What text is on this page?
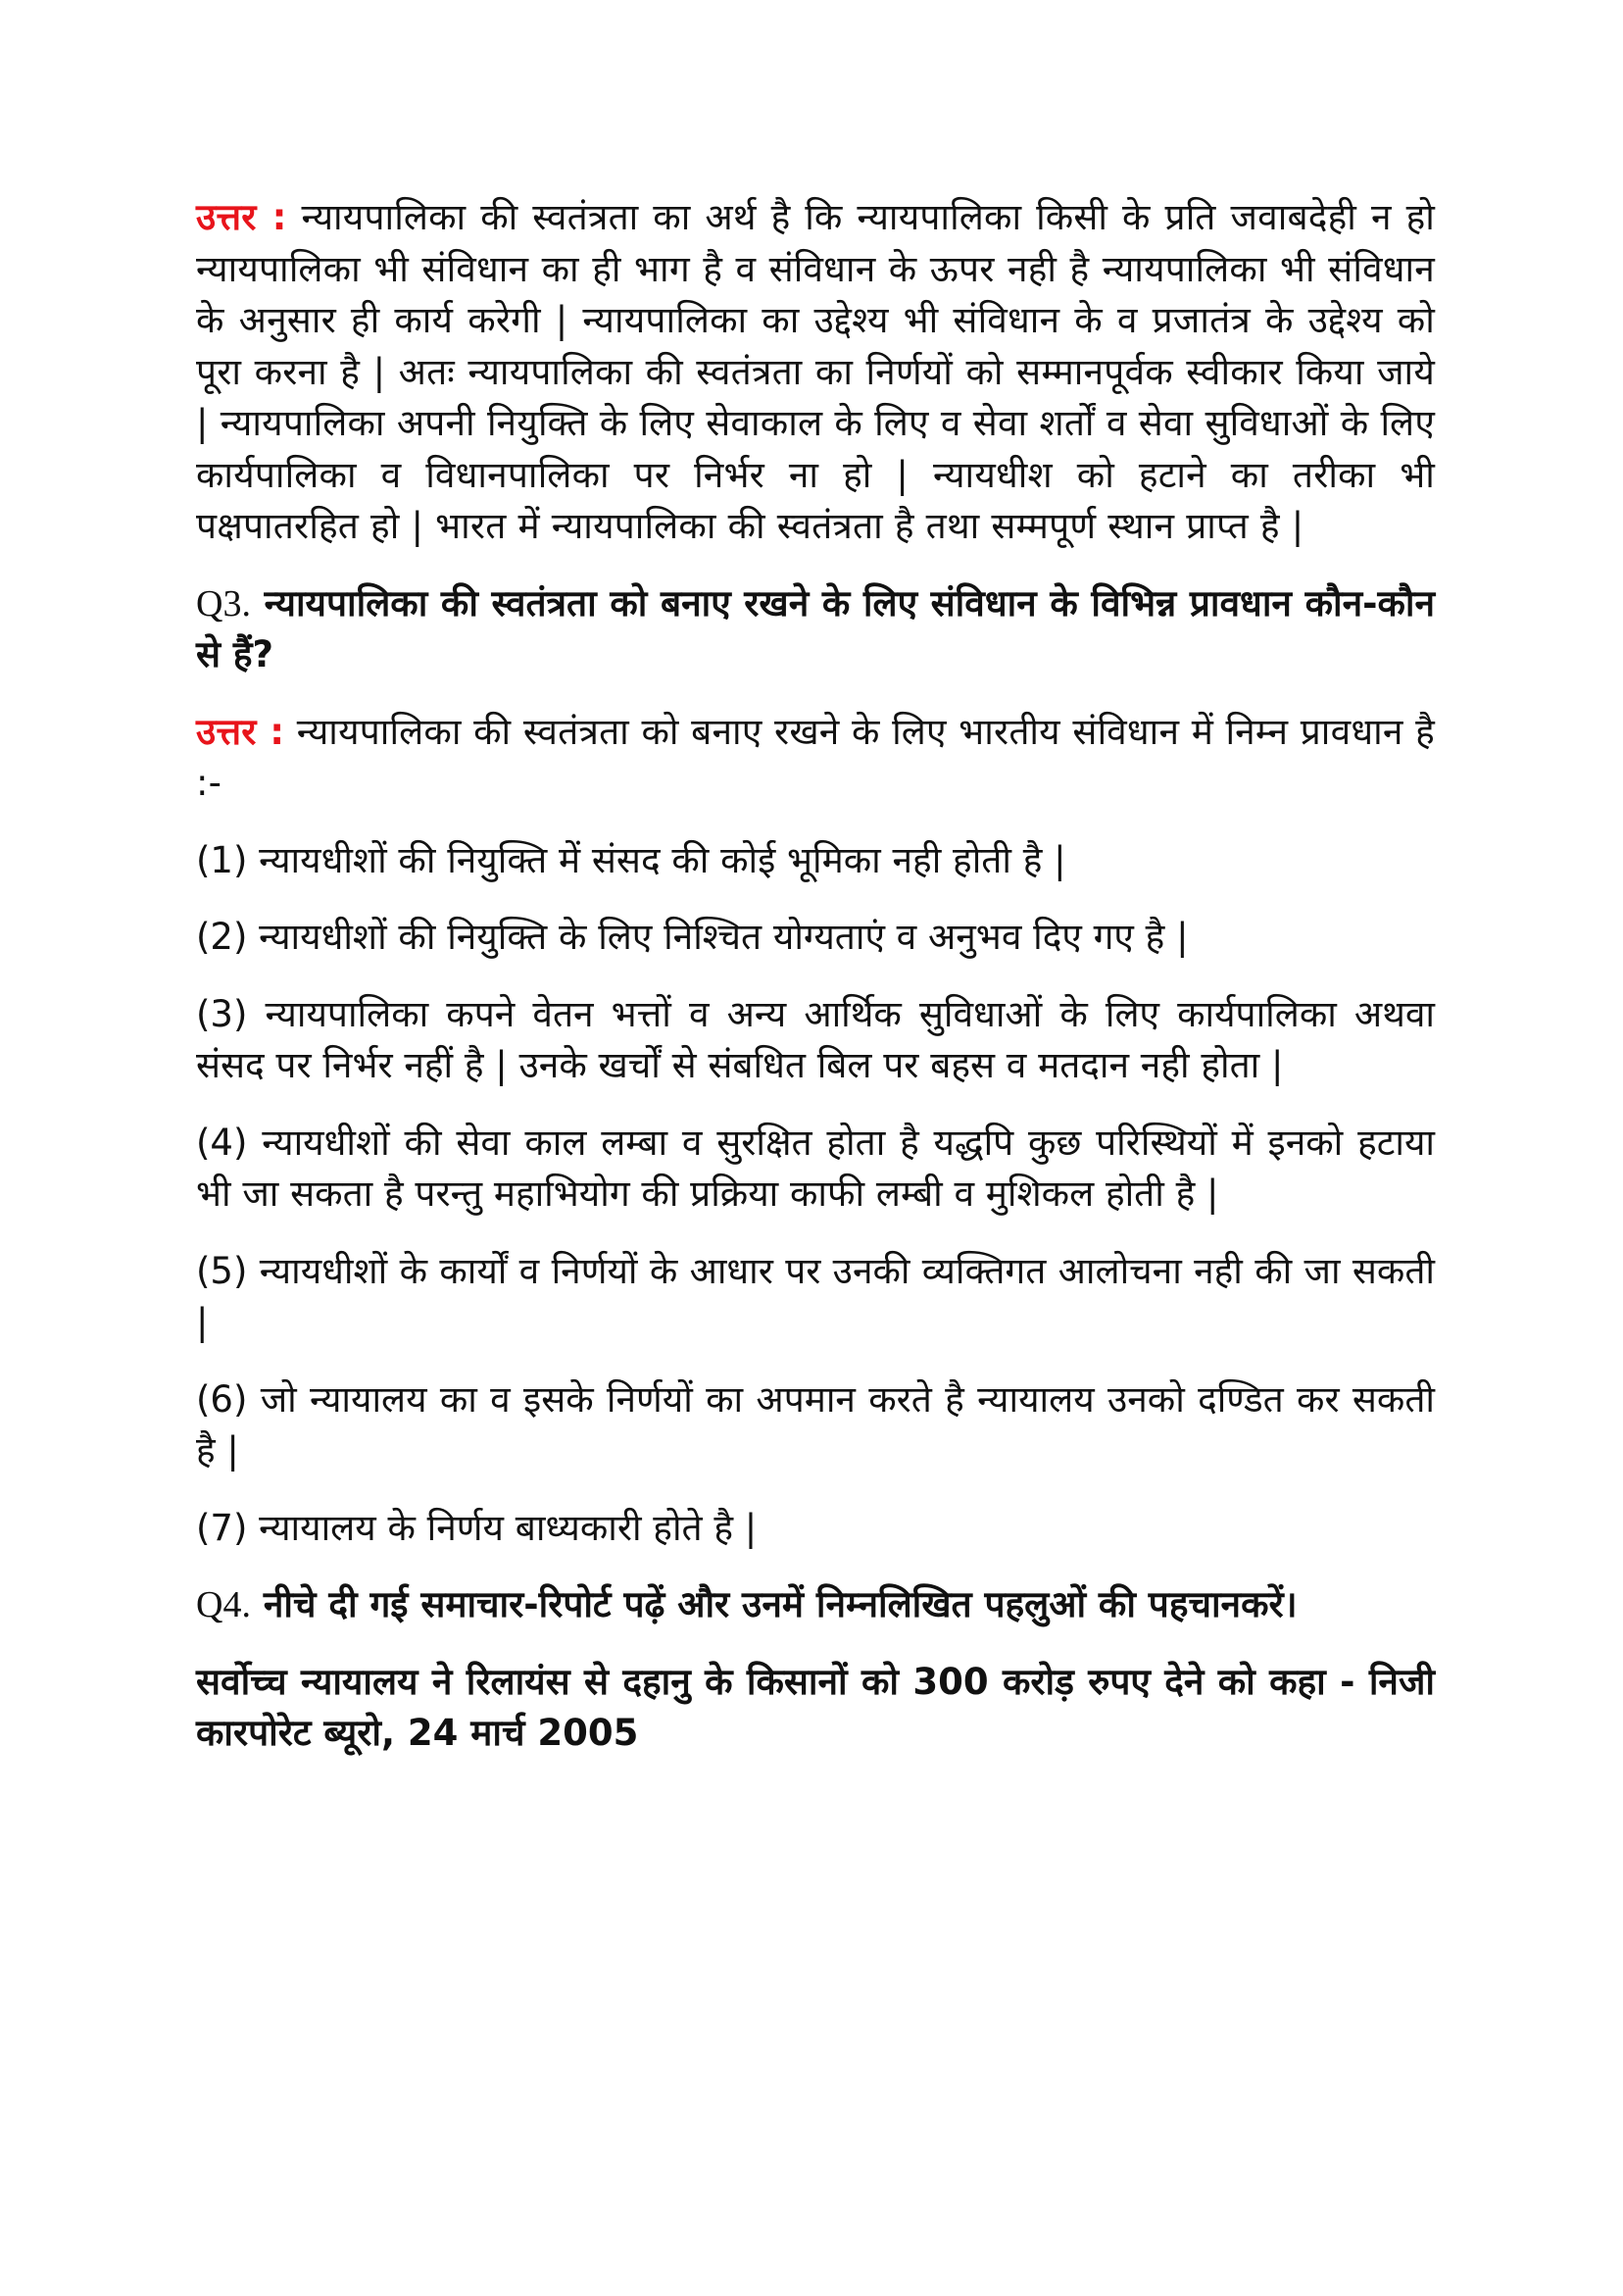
उत्तर : न्यायपालिका की स्वतंत्रता का अर्थ है कि न्यायपालिका किसी के प्रति जवाबदेही न हो न्यायपालिका भी संविधान का ही भाग है व संविधान के ऊपर नही है न्यायपालिका भी संविधान के अनुसार ही कार्य करेगी | न्यायपालिका का उद्देश्य भी संविधान के व प्रजातंत्र के उद्देश्य को पूरा करना है | अतः न्यायपालिका की स्वतंत्रता का निर्णयों को सम्मानपूर्वक स्वीकार किया जाये | न्यायपालिका अपनी नियुक्ति के लिए सेवाकाल के लिए व सेवा शर्तों व सेवा सुविधाओं के लिए कार्यपालिका व विधानपालिका पर निर्भर ना हो | न्यायधीश को हटाने का तरीका भी पक्षपातरहित हो | भारत में न्यायपालिका की स्वतंत्रता है तथा सम्मपूर्ण स्थान प्राप्त है |

Q3. न्यायपालिका की स्वतंत्रता को बनाए रखने के लिए संविधान के विभिन्न प्रावधान कौन-कौन से हैं?

उत्तर : न्यायपालिका की स्वतंत्रता को बनाए रखने के लिए भारतीय संविधान में निम्न प्रावधान है :-

(1) न्यायधीशों की नियुक्ति में संसद की कोई भूमिका नही होती है |

(2) न्यायधीशों की नियुक्ति के लिए निश्चित योग्यताएं व अनुभव दिए गए है |

(3) न्यायपालिका कपने वेतन भत्तों व अन्य आर्थिक सुविधाओं के लिए कार्यपालिका अथवा संसद पर निर्भर नहीं है | उनके खर्चों से संबधित बिल पर बहस व मतदान नही होता |

(4) न्यायधीशों की सेवा काल लम्बा व सुरक्षित होता है यद्धपि कुछ परिस्थियों में इनको हटाया भी जा सकता है परन्तु महाभियोग की प्रक्रिया काफी लम्बी व मुशिकल होती है |

(5) न्यायधीशों के कार्यों व निर्णयों के आधार पर उनकी व्यक्तिगत आलोचना नही की जा सकती |

(6) जो न्यायालय का व इसके निर्णयों का अपमान करते है न्यायालय उनको दण्डित कर सकती है |

(7) न्यायालय के निर्णय बाध्यकारी होते है |

Q4. नीचे दी गई समाचार-रिपोर्ट पढ़ें और उनमें निम्नलिखित पहलुओं की पहचानकरें।

सर्वोच्च न्यायालय ने रिलायंस से दहानु के किसानों को 300 करोड़ रुपए देने को कहा - निजी कारपोरेट ब्यूरो, 24 मार्च 2005
